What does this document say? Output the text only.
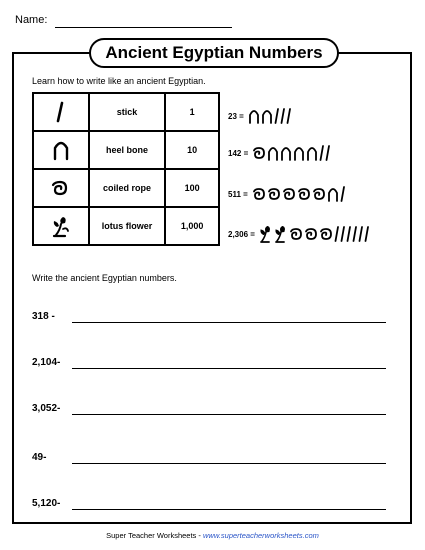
Name:
Ancient Egyptian Numbers
Learn how to write like an ancient Egyptian.
	stick	1

	heel bone	10

	coiled rope	100

	lotus flower	1,000
23 =
142 =
511 =
2,306 =
Write the ancient Egyptian numbers.
318 -
2,104-
3,052-
49-
5,120-
Super Teacher Worksheets - www.superteacherworksheets.com
